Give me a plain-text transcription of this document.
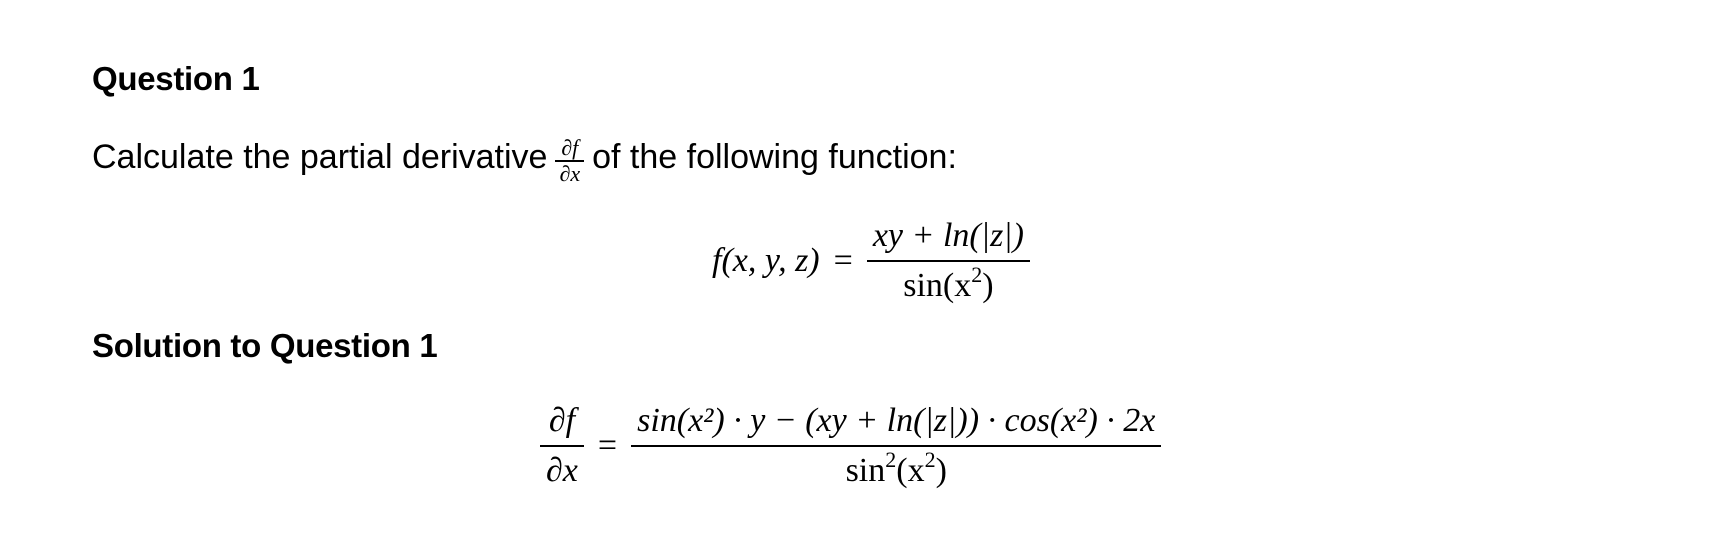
Question 1
Calculate the partial derivative $\frac{\partial f}{\partial x}$ of the following function:
f(x, y, $z) = \frac{xy + \ln(|z|)}{\sin(x^2)}$
Solution to Question 1
$\frac{\partial f}{\partial x} = \frac{\text{sin(x²) · y − (xy + ln(|z|)) · cos(x²) · 2x}}{\sin^2(x^2)}$
